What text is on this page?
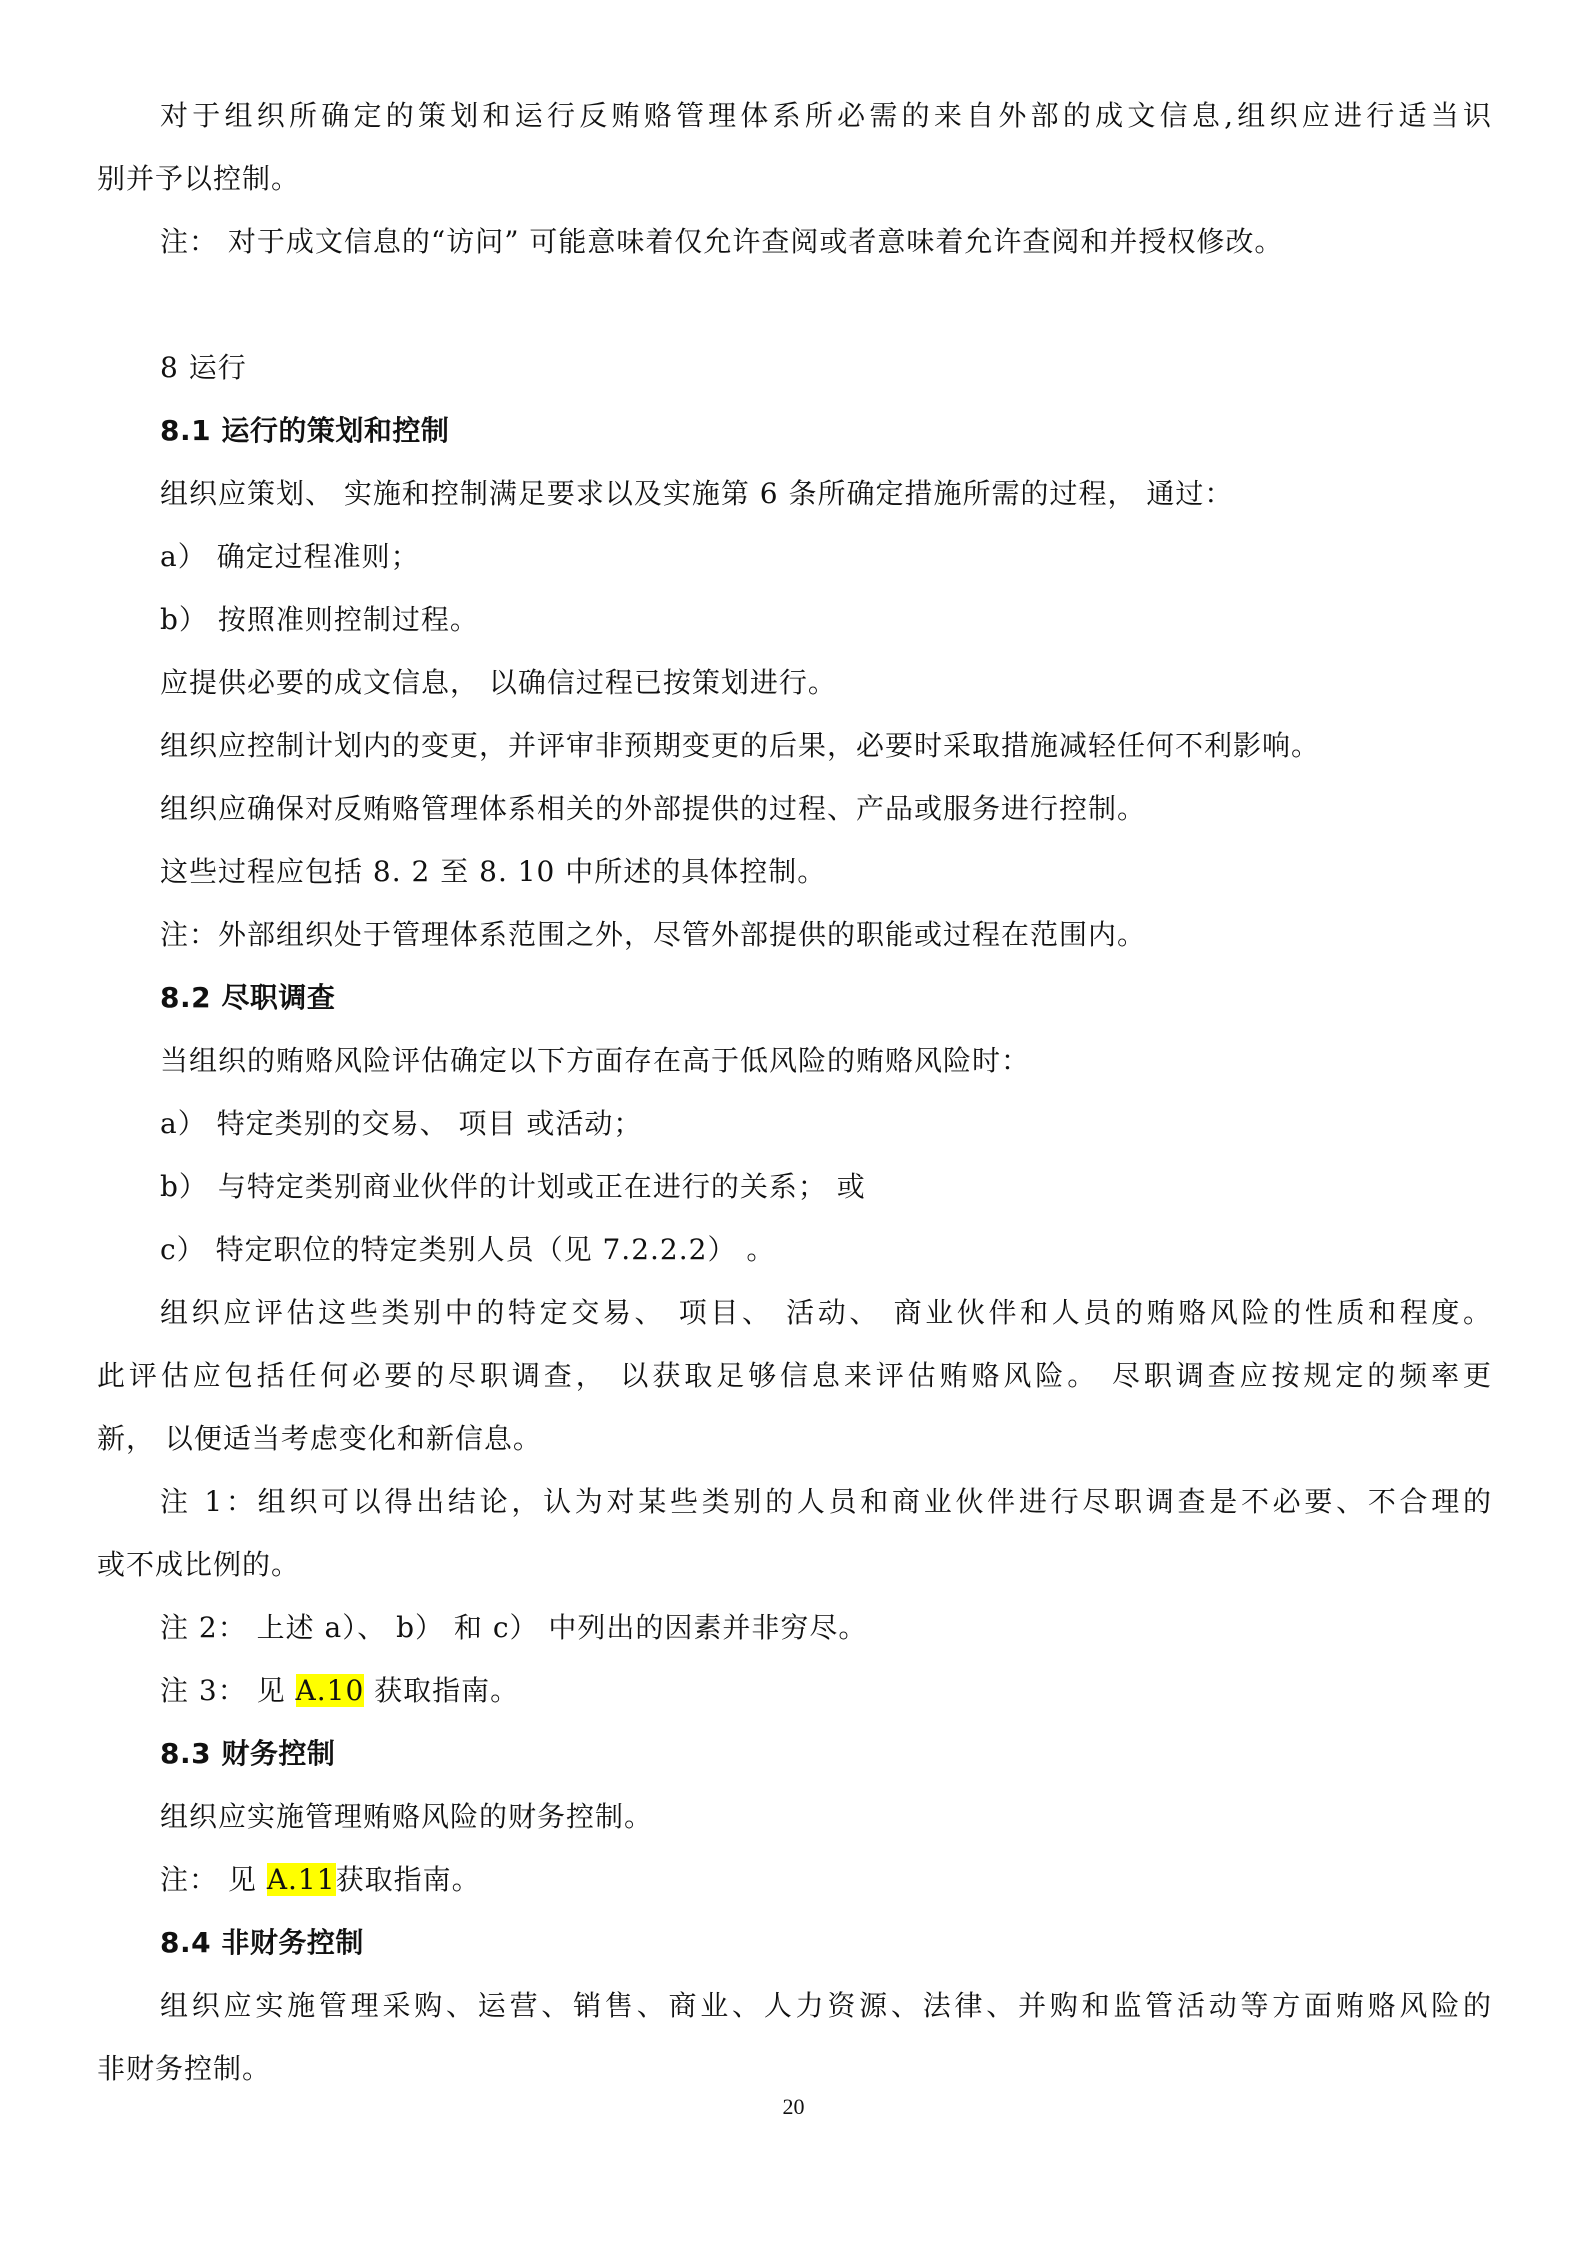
对于组织所确定的策划和运行反贿赂管理体系所必需的来自外部的成文信息,组织应进行适当识
别并予以控制。
注： 对于成文信息的“访问” 可能意味着仅允许查阅或者意味着允许查阅和并授权修改。
8 运行
8.1 运行的策划和控制
组织应策划、 实施和控制满足要求以及实施第 6 条所确定措施所需的过程， 通过：
a） 确定过程准则；
b） 按照准则控制过程。
应提供必要的成文信息， 以确信过程已按策划进行。
组织应控制计划内的变更，并评审非预期变更的后果，必要时采取措施减轻任何不利影响。
组织应确保对反贿赂管理体系相关的外部提供的过程、产品或服务进行控制。
这些过程应包括 8. 2 至 8. 10 中所述的具体控制。
注：外部组织处于管理体系范围之外，尽管外部提供的职能或过程在范围内。
8.2 尽职调查
当组织的贿赂风险评估确定以下方面存在高于低风险的贿赂风险时：
a） 特定类别的交易、 项目 或活动；
b） 与特定类别商业伙伴的计划或正在进行的关系； 或
c） 特定职位的特定类别人员（见 7.2.2.2） 。
组织应评估这些类别中的特定交易、 项目、 活动、 商业伙伴和人员的贿赂风险的性质和程度。
此评估应包括任何必要的尽职调查， 以获取足够信息来评估贿赂风险。 尽职调查应按规定的频率更
新， 以便适当考虑变化和新信息。
注 1：组织可以得出结论，认为对某些类别的人员和商业伙伴进行尽职调查是不必要、不合理的
或不成比例的。
注 2： 上述 a）、 b） 和 c） 中列出的因素并非穷尽。
注 3： 见 A.10 获取指南。
8.3 财务控制
组织应实施管理贿赂风险的财务控制。
注： 见 A.11获取指南。
8.4 非财务控制
组织应实施管理采购、运营、销售、商业、人力资源、法律、并购和监管活动等方面贿赂风险的
非财务控制。
20
